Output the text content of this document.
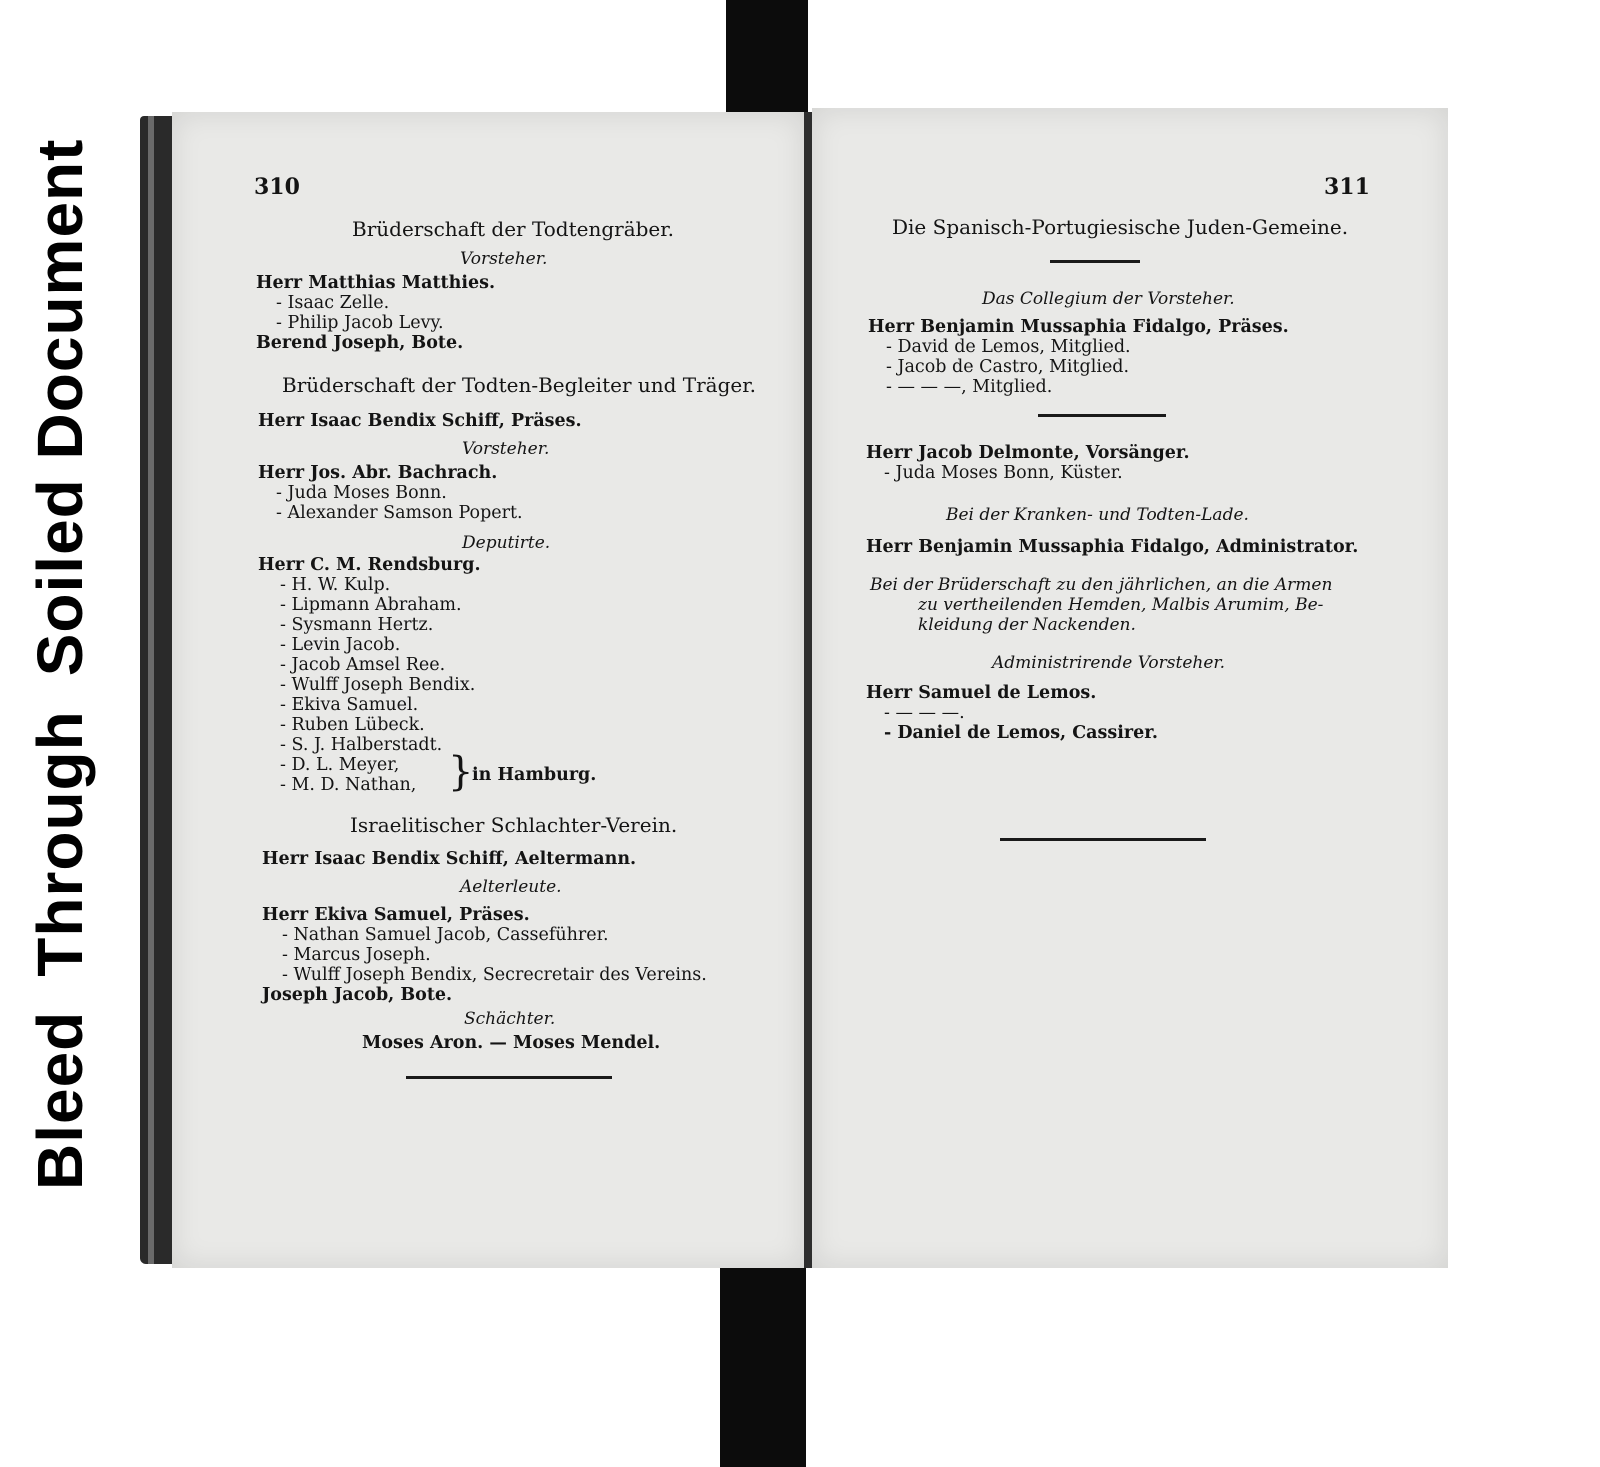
Bleed
Through
Soiled Document	310
Brüderschaft der Todtengräber.
Vorsteher.
Herr Matthias Matthies.
- Isaac Zelle.
- Philip Jacob Levy.
Berend Joseph, Bote.
Brüderschaft der Todten-Begleiter und Träger.
Herr Isaac Bendix Schiff, Präses.
Vorsteher.
Herr Jos. Abr. Bachrach.
- Juda Moses Bonn.
- Alexander Samson Popert.
Deputirte.
Herr C. M. Rendsburg.
- H. W. Kulp.
- Lipmann Abraham.
- Sysmann Hertz.
- Levin Jacob.
- Jacob Amsel Ree.
- Wulff Joseph Bendix.
- Ekiva Samuel.
- Ruben Lübeck.
- S. J. Halberstadt.
- D. L. Meyer,
- M. D. Nathan, }
in Hamburg.
Israelitischer Schlachter-Verein.
Herr Isaac Bendix Schiff, Aeltermann.
Aelterleute.
Herr Ekiva Samuel, Präses.
- Nathan Samuel Jacob, Casseführer.
- Marcus Joseph.
- Wulff Joseph Bendix, Secrecretair des Vereins.
Joseph Jacob, Bote.
Schächter.
Moses Aron. — Moses Mendel.
311
Die Spanisch-Portugiesische Juden-Gemeine.
Das Collegium der Vorsteher.
Herr Benjamin Mussaphia Fidalgo, Präses.
- David de Lemos, Mitglied.
- Jacob de Castro, Mitglied.
- — — —, Mitglied.
Herr Jacob Delmonte, Vorsänger.
- Juda Moses Bonn, Küster.
Bei der Kranken- und Todten-Lade.
Herr Benjamin Mussaphia Fidalgo, Administrator.
Bei der Brüderschaft zu den jährlichen, an die Armen
zu vertheilenden Hemden, Malbis Arumim, Be-
kleidung der Nackenden.
Administrirende Vorsteher.
Herr Samuel de Lemos.
- — — —.
- Daniel de Lemos, Cassirer.
